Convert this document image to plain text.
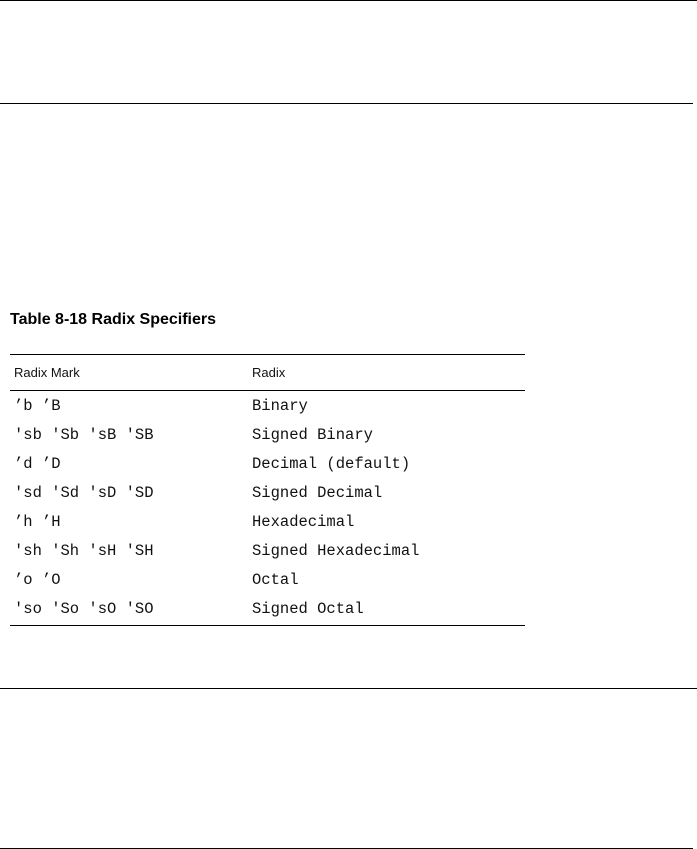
Table 8-18 Radix Specifiers
Radix Mark	Radix
’b ’B	Binary
'sb 'Sb 'sB 'SB	Signed Binary
’d ’D	Decimal (default)
'sd 'Sd 'sD 'SD	Signed Decimal
’h ’H	Hexadecimal
'sh 'Sh 'sH 'SH	Signed Hexadecimal
’o ’O	Octal
'so 'So 'sO 'SO	Signed Octal
